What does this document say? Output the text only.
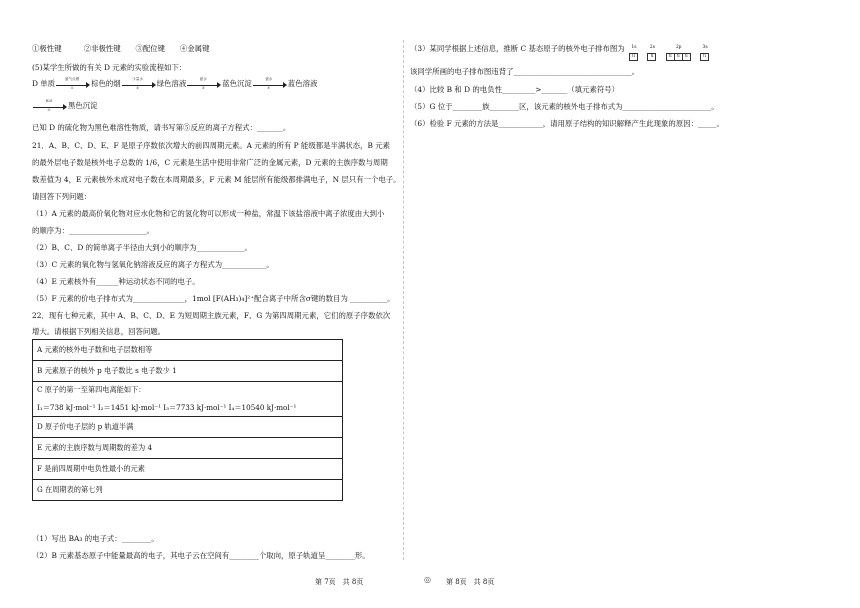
①极性键　　　②非极性键　　③配位键　　④金属键
(5)某学生所做的有关 D 元素的实验流程如下：
D 单质
氯气点燃
①	棕色的烟
少量水
②	绿色溶液
氨水
③	蓝色沉淀
氨水
④	蓝色溶液
H₂S
⑤	黑色沉淀
已知 D 的硫化物为黑色难溶性物质，请书写第⑤反应的离子方程式：_______。
21．A、B、C、D、E、F 是原子序数依次增大的前四周期元素。A 元素的所有 P 能级都是半满状态，B 元素
的最外层电子数是核外电子总数的 1/6，C 元素是生活中使用非常广泛的金属元素，D 元素的主族序数与周期
数差值为 4，E 元素核外未成对电子数在本周期最多，F 元素 M 能层所有能级都排满电子，N 层只有一个电子。
请回答下列问题：
（1）A 元素的最高价氧化物对应水化物和它的氢化物可以形成一种盐，常温下该盐溶液中离子浓度由大到小
的顺序为：_____________________。
（2）B、C、D 的简单离子半径由大到小的顺序为_____________。
（3）C 元素的氧化物与氢氧化钠溶液反应的离子方程式为____________。
（4）E 元素核外有______种运动状态不同的电子。
（5）F 元素的价电子排布式为______________，1mol [F(AH₃)₄]²⁺配合离子中所含σ键的数目为 __________。
22．现有七种元素，其中 A、B、C、D、E 为短周期主族元素，F、G 为第四周期元素，它们的原子序数依次
增大。请根据下列相关信息，回答问题。
A 元素的核外电子数和电子层数相等
B 元素原子的核外 p 电子数比 s 电子数少 1
C 原子的第一至第四电离能如下：
I₁＝738 kJ·mol⁻¹ I₂＝1451 kJ·mol⁻¹ I₃＝7733 kJ·mol⁻¹ I₄＝10540 kJ·mol⁻¹

D 原子价电子层的 p 轨道半满
E 元素的主族序数与周期数的差为 4
F 是前四周期中电负性最小的元素
G 在周期表的第七列
（1）写出 BA₃ 的电子式：________。
（2）B 元素基态原子中能量最高的电子，其电子云在空间有________个取向，原子轨道呈________形。
第 7页　共 8页
（3）某同学根据上述信息，推断 C 基态原子的核外电子排布图为	1s
⇅
2s
⇅
2p
⇅ ⇅ ⇅
3s
⇅
该同学所画的电子排布图违背了________________________________。
（4）比较 B 和 D 的电负性_________>_______（填元素符号）
（5）G 位于________族________区，该元素的核外电子排布式为________________________。
（6）检验 F 元素的方法是____________，请用原子结构的知识解释产生此现象的原因：_____。
第 8页　共 8页
◎
